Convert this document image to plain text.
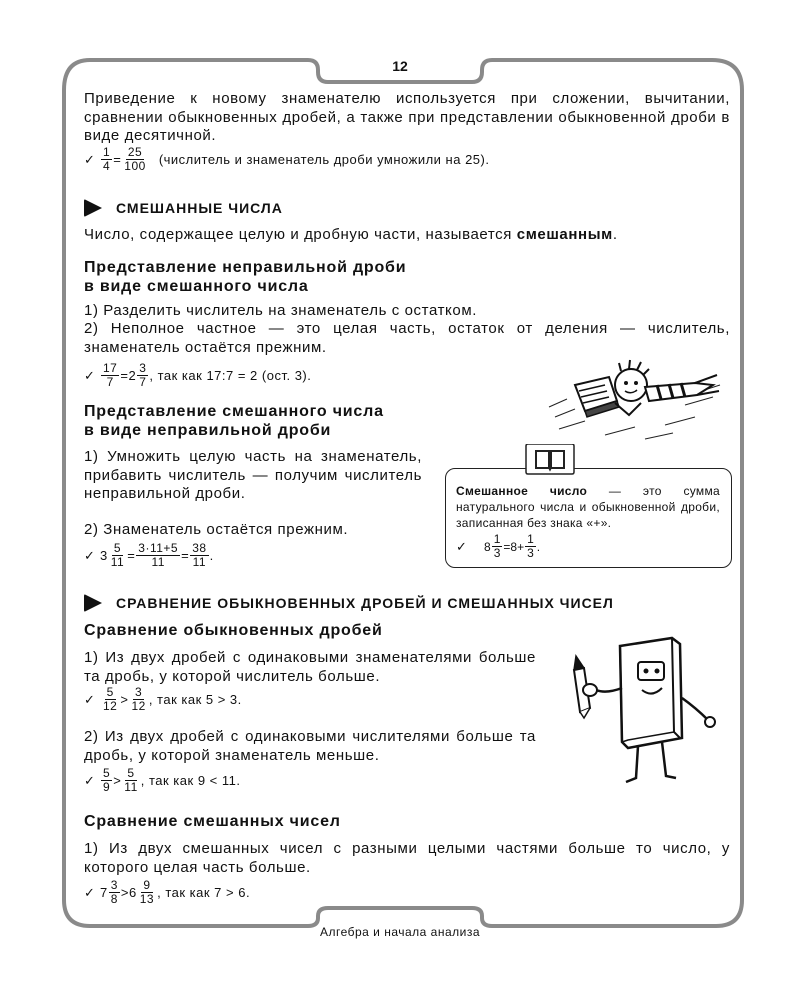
12
Приведение к новому знаменателю используется при сложении, вычитании, сравнении обыкновенных дробей, а также при представлении обыкновенной дроби в виде десятичной.
✓ $\frac{1}{4} = \frac{25}{100}$ (числитель и знаменатель дроби умножили на 25).
СМЕШАННЫЕ ЧИСЛА
Число, содержащее целую и дробную части, называется смешанным.
Представление неправильной дроби
в виде смешанного числа
1) Разделить числитель на знаменатель с остатком.
2) Неполное частное — это целая часть, остаток от деления — числитель, знаменатель остаётся прежним.
✓ $\frac{17}{7} = 2 \frac{3}{7}$ , так как 17:7 = 2 (ост. 3).
Представление смешанного числа
в виде неправильной дроби
1) Умножить целую часть на знаменатель, прибавить числитель — получим числитель неправильной дроби.
2) Знаменатель остаётся прежним.
✓ $3 \frac{5}{11} = \frac{3\cdot 11+5}{11} = \frac{38}{11}$ .
Смешанное число — это сумма натурального числа и обыкновенной дроби, записанная без знака «+».
✓	$8 \frac{1}{3} = 8+ \frac{1}{3}$ .
СРАВНЕНИЕ ОБЫКНОВЕННЫХ ДРОБЕЙ И СМЕШАННЫХ ЧИСЕЛ
Сравнение обыкновенных дробей
1) Из двух дробей с одинаковыми знаменателями больше та дробь, у которой числитель больше.
✓ $\frac{5}{12} > \frac{3}{12}$ , так как 5 > 3.
2) Из двух дробей с одинаковыми числителями больше та дробь, у которой знаменатель меньше.
✓ $\frac{5}{9} > \frac{5}{11}$ , так как 9 < 11.
Сравнение смешанных чисел
1) Из двух смешанных чисел с разными целыми частями больше то число, у которого целая часть больше.
✓ $7 \frac{3}{8} > 6 \frac{9}{13}$ , так как 7 > 6.
Алгебра и начала анализа
